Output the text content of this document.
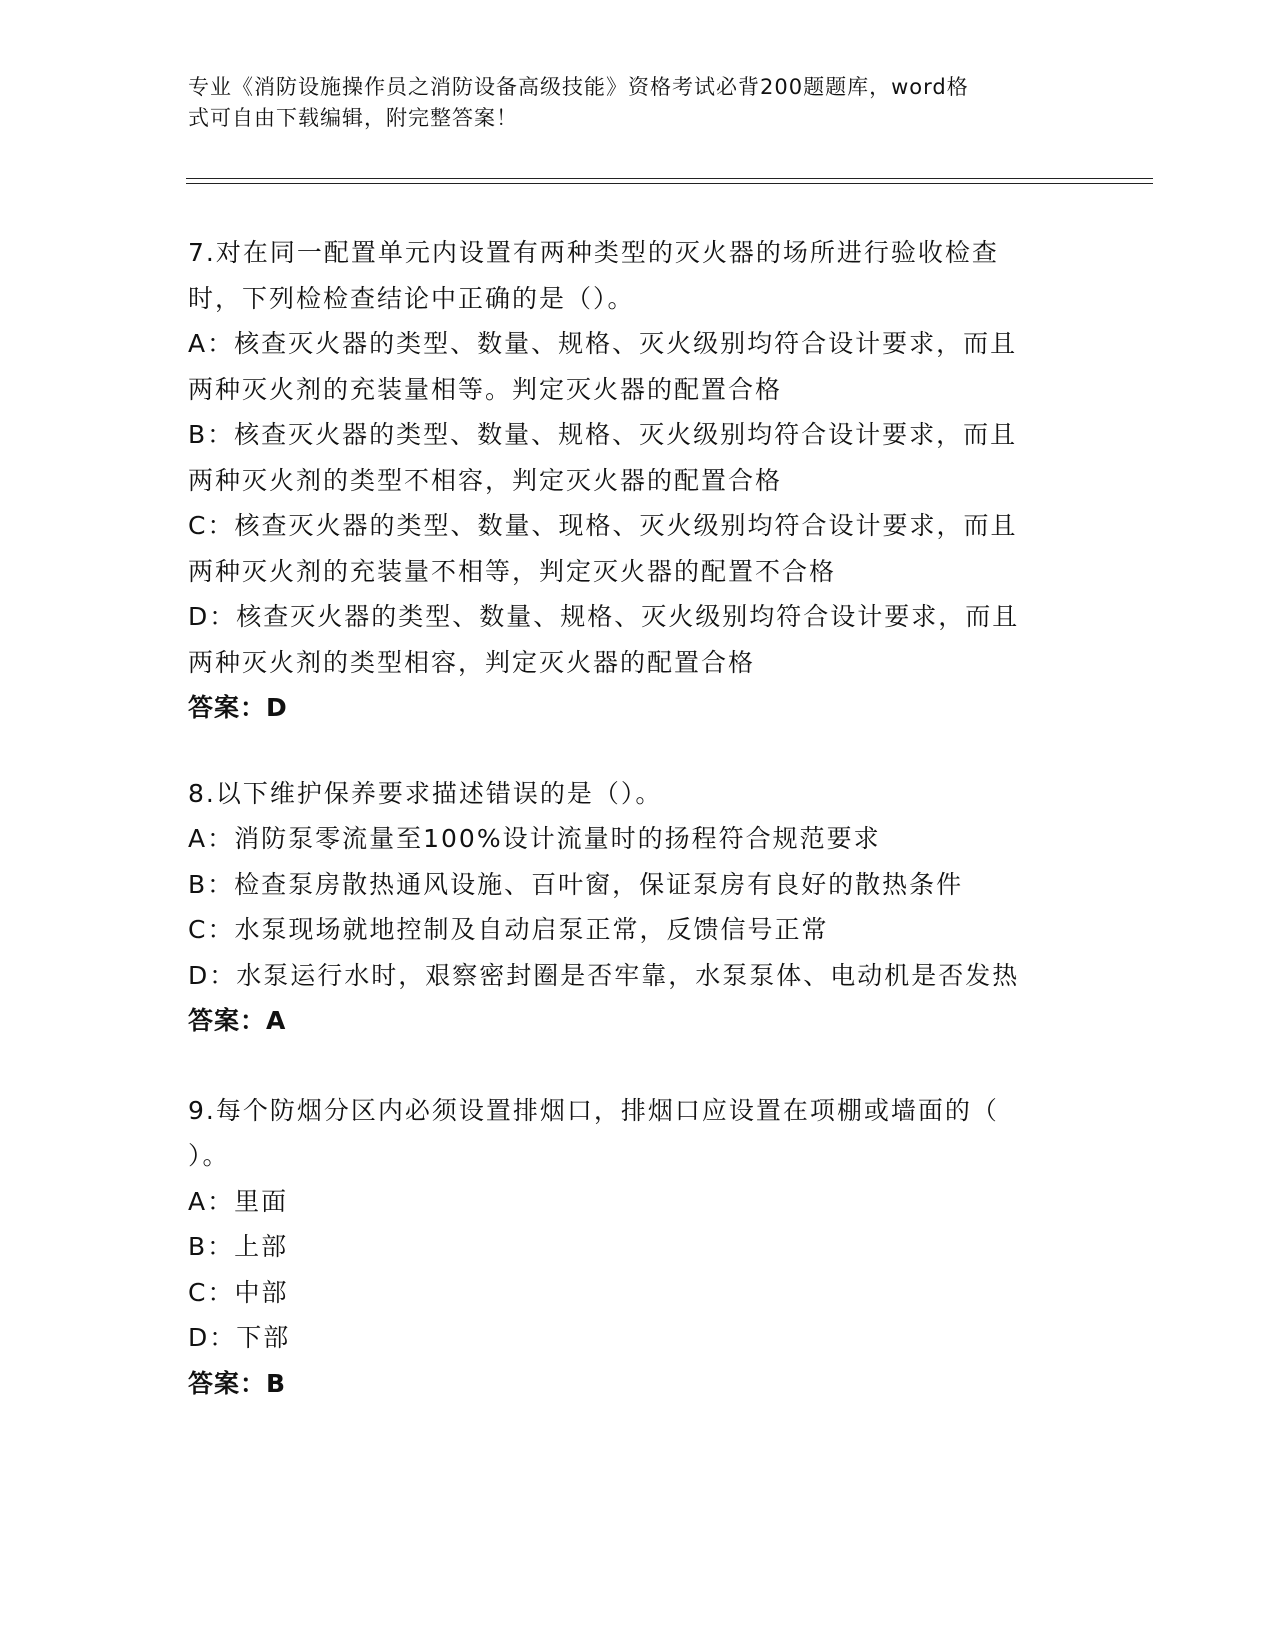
专业《消防设施操作员之消防设备高级技能》资格考试必背200题题库，word格
式可自由下载编辑，附完整答案！
7.对在同一配置单元内设置有两种类型的灭火器的场所进行验收检查
时，下列检检查结论中正确的是（）。
A：核查灭火器的类型、数量、规格、灭火级别均符合设计要求，而且
两种灭火剂的充装量相等。判定灭火器的配置合格
B：核查灭火器的类型、数量、规格、灭火级别均符合设计要求，而且
两种灭火剂的类型不相容，判定灭火器的配置合格
C：核查灭火器的类型、数量、现格、灭火级别均符合设计要求，而且
两种灭火剂的充装量不相等，判定灭火器的配置不合格
D：核查灭火器的类型、数量、规格、灭火级别均符合设计要求，而且
两种灭火剂的类型相容，判定灭火器的配置合格
答案：D
8.以下维护保养要求描述错误的是（）。
A：消防泵零流量至100%设计流量时的扬程符合规范要求
B：检查泵房散热通风设施、百叶窗，保证泵房有良好的散热条件
C：水泵现场就地控制及自动启泵正常，反馈信号正常
D：水泵运行水时，艰察密封圈是否牢靠，水泵泵体、电动机是否发热
答案：A
9.每个防烟分区内必须设置排烟口，排烟口应设置在项棚或墙面的（
）。
A：里面
B：上部
C：中部
D：下部
答案：B
